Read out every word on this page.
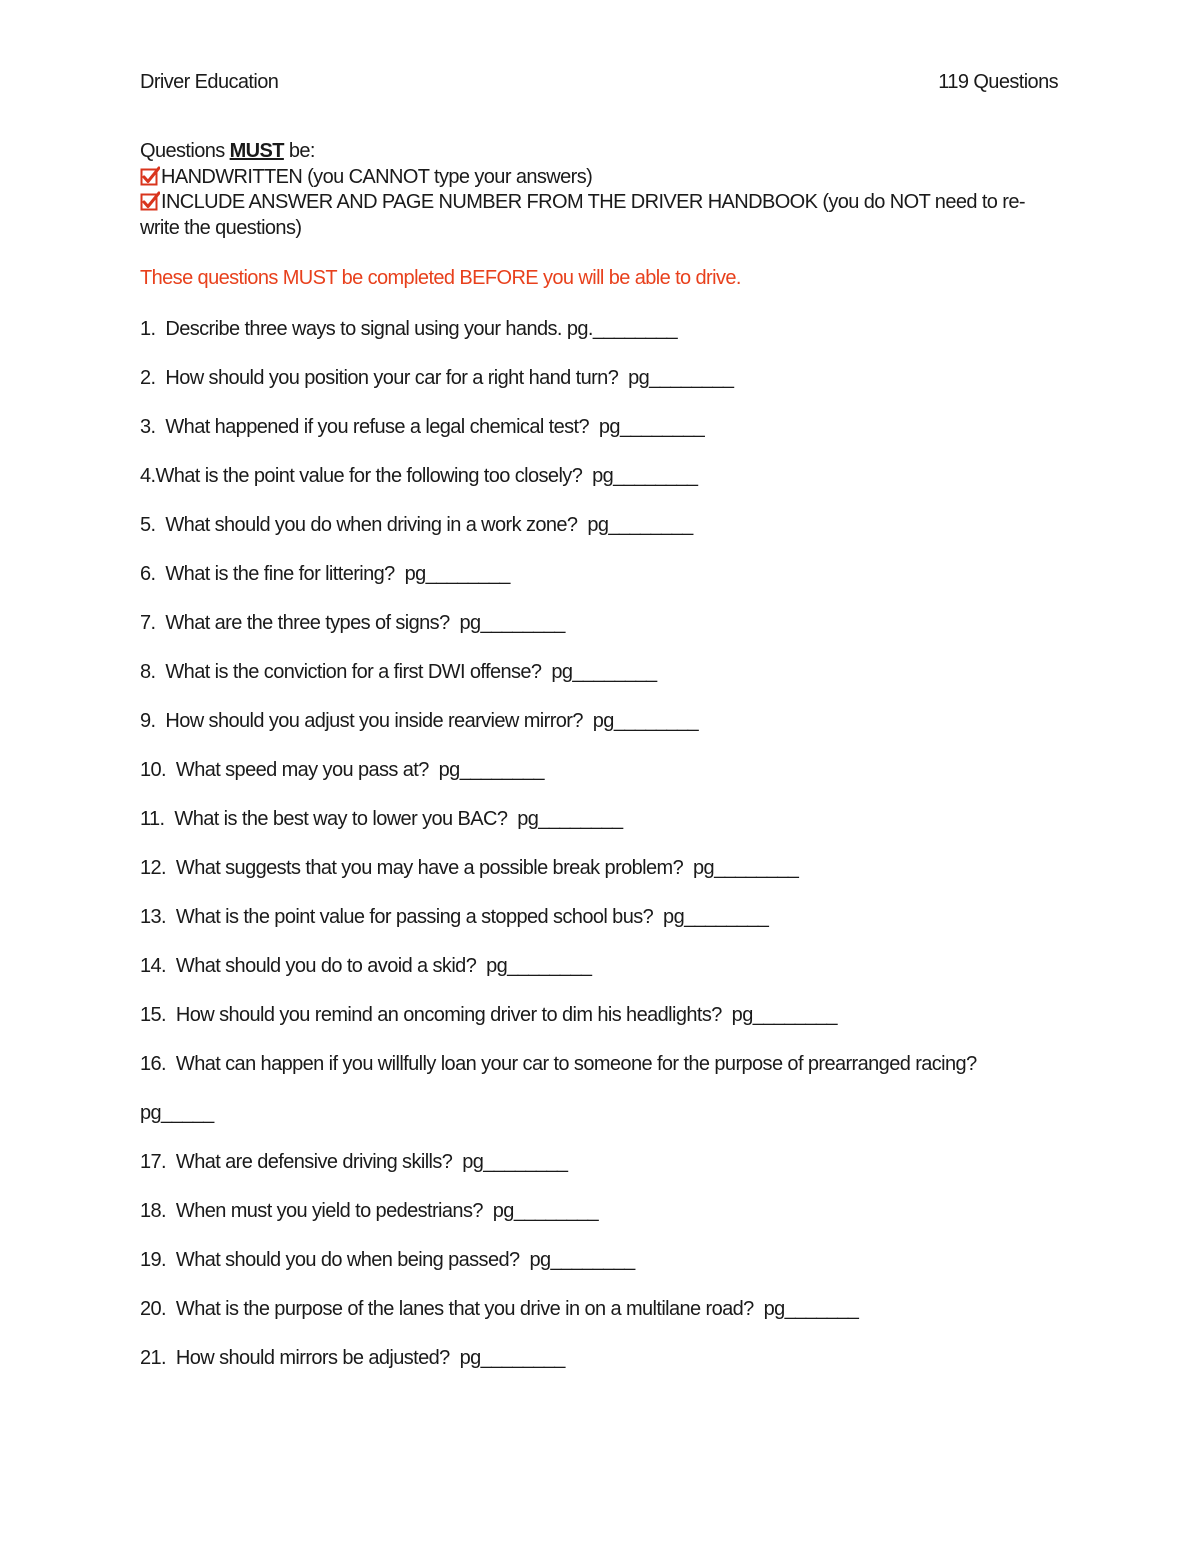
Driver Education	119 Questions
Questions MUST be:
HANDWRITTEN (you CANNOT type your answers)
INCLUDE ANSWER AND PAGE NUMBER FROM THE DRIVER HANDBOOK (you do NOT need to re-write the questions)
These questions MUST be completed BEFORE you will be able to drive.
1.  Describe three ways to signal using your hands. pg.________
2.  How should you position your car for a right hand turn?  pg________
3.  What happened if you refuse a legal chemical test?  pg________
4.What is the point value for the following too closely?  pg________
5.  What should you do when driving in a work zone?  pg________
6.  What is the fine for littering?  pg________
7.  What are the three types of signs?  pg________
8.  What is the conviction for a first DWI offense?  pg________
9.  How should you adjust you inside rearview mirror?  pg________
10.  What speed may you pass at?  pg________
11.  What is the best way to lower you BAC?  pg________
12.  What suggests that you may have a possible break problem?  pg________
13.  What is the point value for passing a stopped school bus?  pg________
14.  What should you do to avoid a skid?  pg________
15.  How should you remind an oncoming driver to dim his headlights?  pg________
16.  What can happen if you willfully loan your car to someone for the purpose of prearranged racing?
pg_____
17.  What are defensive driving skills?  pg________
18.  When must you yield to pedestrians?  pg________
19.  What should you do when being passed?  pg________
20.  What is the purpose of the lanes that you drive in on a multilane road?  pg_______
21.  How should mirrors be adjusted?  pg________
